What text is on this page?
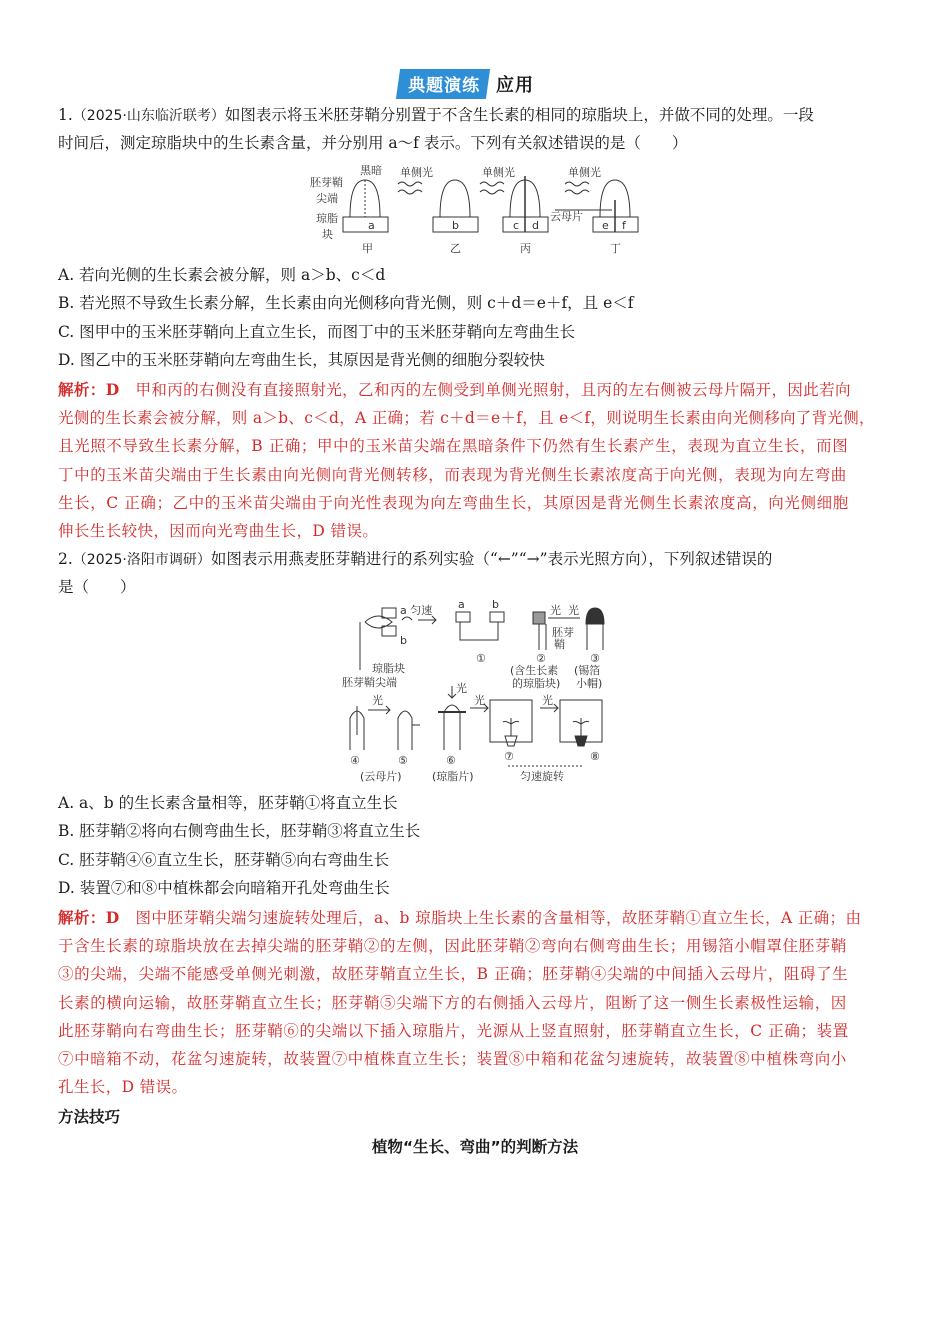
典题演练 应用
1.（2025·山东临沂联考）如图表示将玉米胚芽鞘分别置于不含生长素的相同的琼脂块上，并做不同的处理。一段
时间后，测定琼脂块中的生长素含量，并分别用 a～f 表示。下列有关叙述错误的是（　　）
胚芽鞘
尖端
琼脂
块
黑暗 单侧光	单侧光	单侧光
云母片
a	b	c d	e f
甲	乙	丙	丁
A. 若向光侧的生长素会被分解，则 a＞b、c＜d
B. 若光照不导致生长素分解，生长素由向光侧移向背光侧，则 c＋d＝e＋f，且 e＜f
C. 图甲中的玉米胚芽鞘向上直立生长，而图丁中的玉米胚芽鞘向左弯曲生长
D. 图乙中的玉米胚芽鞘向左弯曲生长，其原因是背光侧的细胞分裂较快
解析：D　甲和丙的右侧没有直接照射光，乙和丙的左侧受到单侧光照射，且丙的左右侧被云母片隔开，因此若向
光侧的生长素会被分解，则 a＞b、c＜d，A 正确；若 c＋d＝e＋f，且 e＜f，则说明生长素由向光侧移向了背光侧，
且光照不导致生长素分解，B 正确；甲中的玉米苗尖端在黑暗条件下仍然有生长素产生，表现为直立生长，而图
丁中的玉米苗尖端由于生长素由向光侧向背光侧转移，而表现为背光侧生长素浓度高于向光侧，表现为向左弯曲
生长，C 正确；乙中的玉米苗尖端由于向光性表现为向左弯曲生长，其原因是背光侧生长素浓度高，向光侧细胞
伸长生长较快，因而向光弯曲生长，D 错误。
2.（2025·洛阳市调研）如图表示用燕麦胚芽鞘进行的系列实验（“←”“→”表示光照方向），下列叙述错误的
是（　　）
a 匀速
b
a b	光 光
胚芽
鞘
琼脂块
胚芽鞘尖端
(含生长素
的琼脂块)
(锡箔
小帽)
光
光
光	光
(云母片)	(琼脂片)	匀速旋转
①	②	③
④	⑤	⑥	⑦	⑧
A. a、b 的生长素含量相等，胚芽鞘①将直立生长
B. 胚芽鞘②将向右侧弯曲生长，胚芽鞘③将直立生长
C. 胚芽鞘④⑥直立生长，胚芽鞘⑤向右弯曲生长
D. 装置⑦和⑧中植株都会向暗箱开孔处弯曲生长
解析：D　图中胚芽鞘尖端匀速旋转处理后，a、b 琼脂块上生长素的含量相等，故胚芽鞘①直立生长，A 正确；由
于含生长素的琼脂块放在去掉尖端的胚芽鞘②的左侧，因此胚芽鞘②弯向右侧弯曲生长；用锡箔小帽罩住胚芽鞘
③的尖端，尖端不能感受单侧光刺激，故胚芽鞘直立生长，B 正确；胚芽鞘④尖端的中间插入云母片，阻碍了生
长素的横向运输，故胚芽鞘直立生长；胚芽鞘⑤尖端下方的右侧插入云母片，阻断了这一侧生长素极性运输，因
此胚芽鞘向右弯曲生长；胚芽鞘⑥的尖端以下插入琼脂片，光源从上竖直照射，胚芽鞘直立生长，C 正确；装置
⑦中暗箱不动，花盆匀速旋转，故装置⑦中植株直立生长；装置⑧中箱和花盆匀速旋转，故装置⑧中植株弯向小
孔生长，D 错误。
方法技巧
植物“生长、弯曲”的判断方法
